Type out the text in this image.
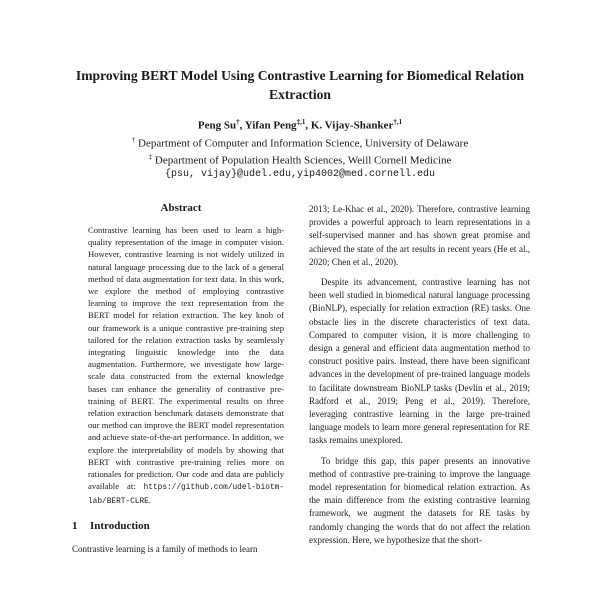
Improving BERT Model Using Contrastive Learning for Biomedical Relation Extraction
Peng Su†, Yifan Peng$^{\ddagger,1}$, K. Vijay-Shanker$^{\dagger,1}$
† Department of Computer and Information Science, University of Delaware
‡ Department of Population Health Sciences, Weill Cornell Medicine
{psu, vijay}@udel.edu,yip4002@med.cornell.edu
Abstract

Contrastive learning has been used to learn a high-quality representation of the image in computer vision. However, contrastive learning is not widely utilized in natural language processing due to the lack of a general method of data augmentation for text data. In this work, we explore the method of employing contrastive learning to improve the text representation from the BERT model for relation extraction. The key knob of our framework is a unique contrastive pre-training step tailored for the relation extraction tasks by seamlessly integrating linguistic knowledge into the data augmentation. Furthermore, we investigate how large-scale data constructed from the external knowledge bases can enhance the generality of contrastive pre-training of BERT. The experimental results on three relation extraction benchmark datasets demonstrate that our method can improve the BERT model representation and achieve state-of-the-art performance. In addition, we explore the interpretability of models by showing that BERT with contrastive pre-training relies more on rationales for prediction. Our code and data are publicly available at: https://github.com/udel-biotm-lab/BERT-CLRE.

1 Introduction

Contrastive learning is a family of methods to learn

2013; Le-Khac et al., 2020). Therefore, contrastive learning provides a powerful approach to learn representations in a self-supervised manner and has shown great promise and achieved the state of the art results in recent years (He et al., 2020; Chen et al., 2020).

Despite its advancement, contrastive learning has not been well studied in biomedical natural language processing (BioNLP), especially for relation extraction (RE) tasks. One obstacle lies in the discrete characteristics of text data. Compared to computer vision, it is more challenging to design a general and efficient data augmentation method to construct positive pairs. Instead, there have been significant advances in the development of pre-trained language models to facilitate downstream BioNLP tasks (Devlin et al., 2019; Radford et al., 2019; Peng et al., 2019). Therefore, leveraging contrastive learning in the large pre-trained language models to learn more general representation for RE tasks remains unexplored.

To bridge this gap, this paper presents an innovative method of contrastive pre-training to improve the language model representation for biomedical relation extraction. As the main difference from the existing contrastive learning framework, we augment the datasets for RE tasks by randomly changing the words that do not affect the relation expression. Here, we hypothesize that the short-
